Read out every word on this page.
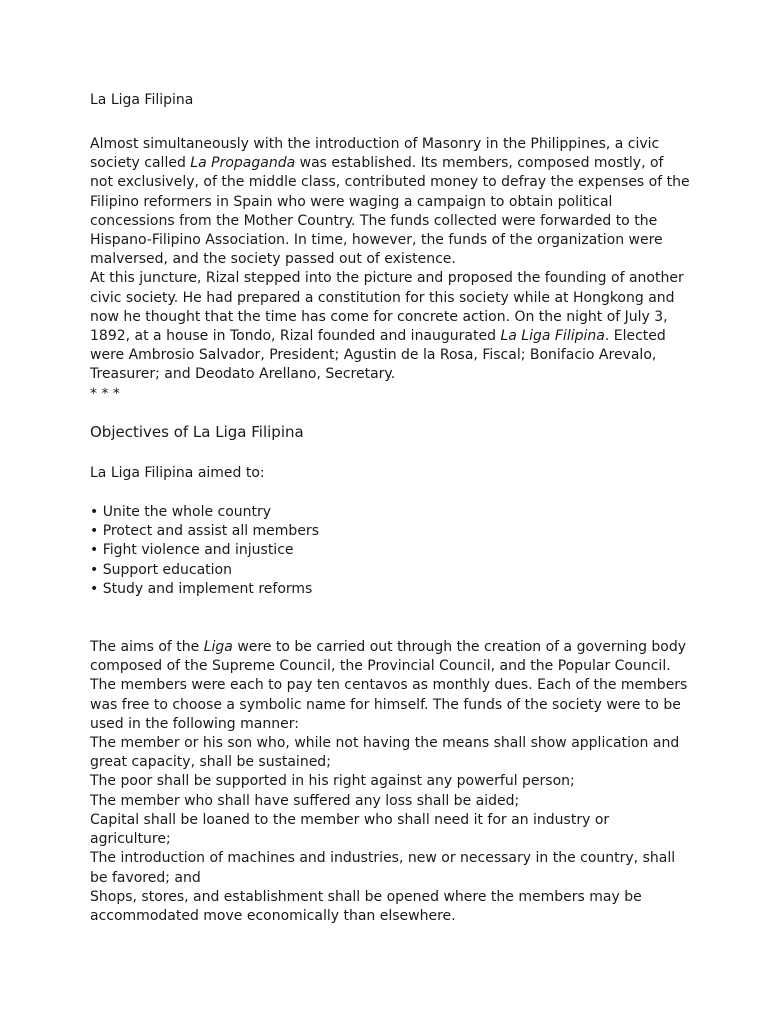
La Liga Filipina

Almost simultaneously with the introduction of Masonry in the Philippines, a civic society called La Propaganda was established. Its members, composed mostly, of not exclusively, of the middle class, contributed money to defray the expenses of the Filipino reformers in Spain who were waging a campaign to obtain political concessions from the Mother Country. The funds collected were forwarded to the Hispano-Filipino Association. In time, however, the funds of the organization were malversed, and the society passed out of existence.

At this juncture, Rizal stepped into the picture and proposed the founding of another civic society. He had prepared a constitution for this society while at Hongkong and now he thought that the time has come for concrete action. On the night of July 3, 1892, at a house in Tondo, Rizal founded and inaugurated La Liga Filipina. Elected were Ambrosio Salvador, President; Agustin de la Rosa, Fiscal; Bonifacio Arevalo, Treasurer; and Deodato Arellano, Secretary.

* * *

Objectives of La Liga Filipina

La Liga Filipina aimed to:

• Unite the whole country
• Protect and assist all members
• Fight violence and injustice
• Support education
• Study and implement reforms

The aims of the Liga were to be carried out through the creation of a governing body composed of the Supreme Council, the Provincial Council, and the Popular Council. The members were each to pay ten centavos as monthly dues. Each of the members was free to choose a symbolic name for himself. The funds of the society were to be used in the following manner:

The member or his son who, while not having the means shall show application and great capacity, shall be sustained;
The poor shall be supported in his right against any powerful person;
The member who shall have suffered any loss shall be aided;
Capital shall be loaned to the member who shall need it for an industry or agriculture;
The introduction of machines and industries, new or necessary in the country, shall be favored; and
Shops, stores, and establishment shall be opened where the members may be accommodated move economically than elsewhere.
